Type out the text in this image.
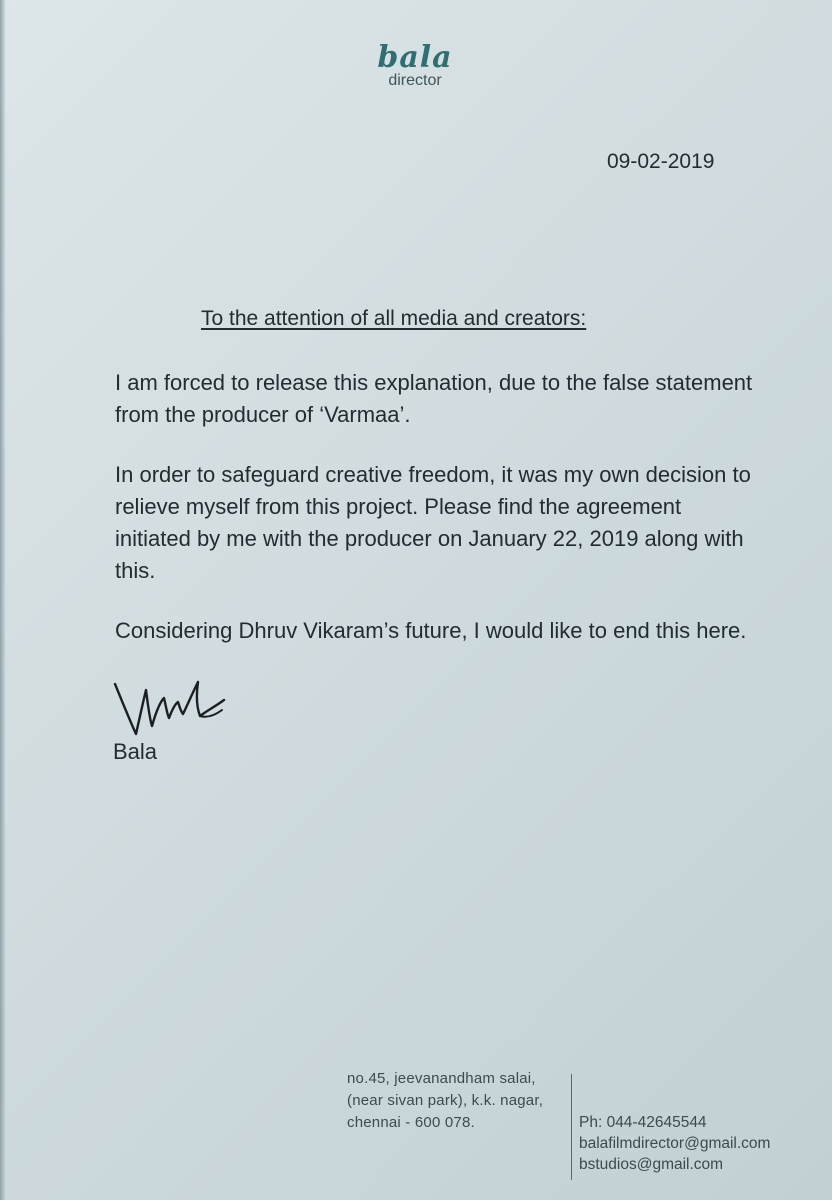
bala
director
09-02-2019
To the attention of all media and creators:
I am forced to release this explanation, due to the false statement from the producer of ‘Varmaa’.
In order to safeguard creative freedom, it was my own decision to relieve myself from this project. Please find the agreement initiated by me with the producer on January 22, 2019 along with this.
Considering Dhruv Vikaram’s future, I would like to end this here.
Bala
no.45, jeevanandham salai,
(near sivan park), k.k. nagar,
chennai - 600 078.	Ph: 044-42645544
balafilmdirector@gmail.com
bstudios@gmail.com
